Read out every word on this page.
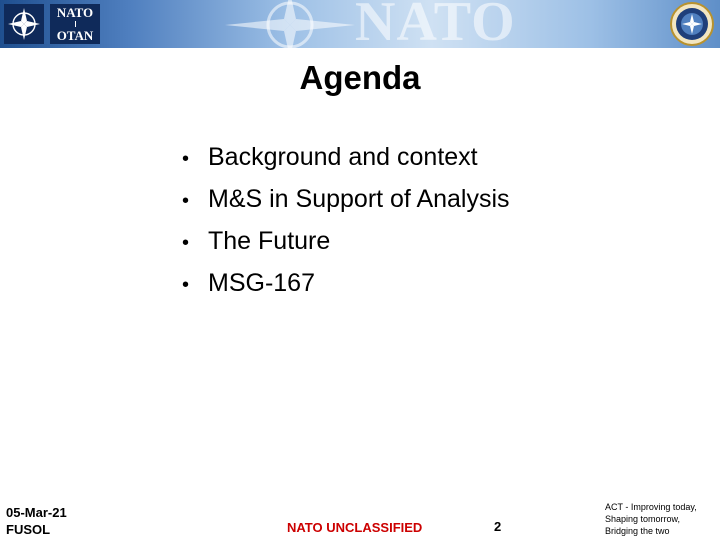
NATO
OTAN	NATO
Agenda
• Background and context
• M&S in Support of Analysis
• The Future
• MSG-167
05-Mar-21
FUSOL	NATO UNCLASSIFIED	2
ACT - Improving today,
Shaping tomorrow,
Bridging the two
